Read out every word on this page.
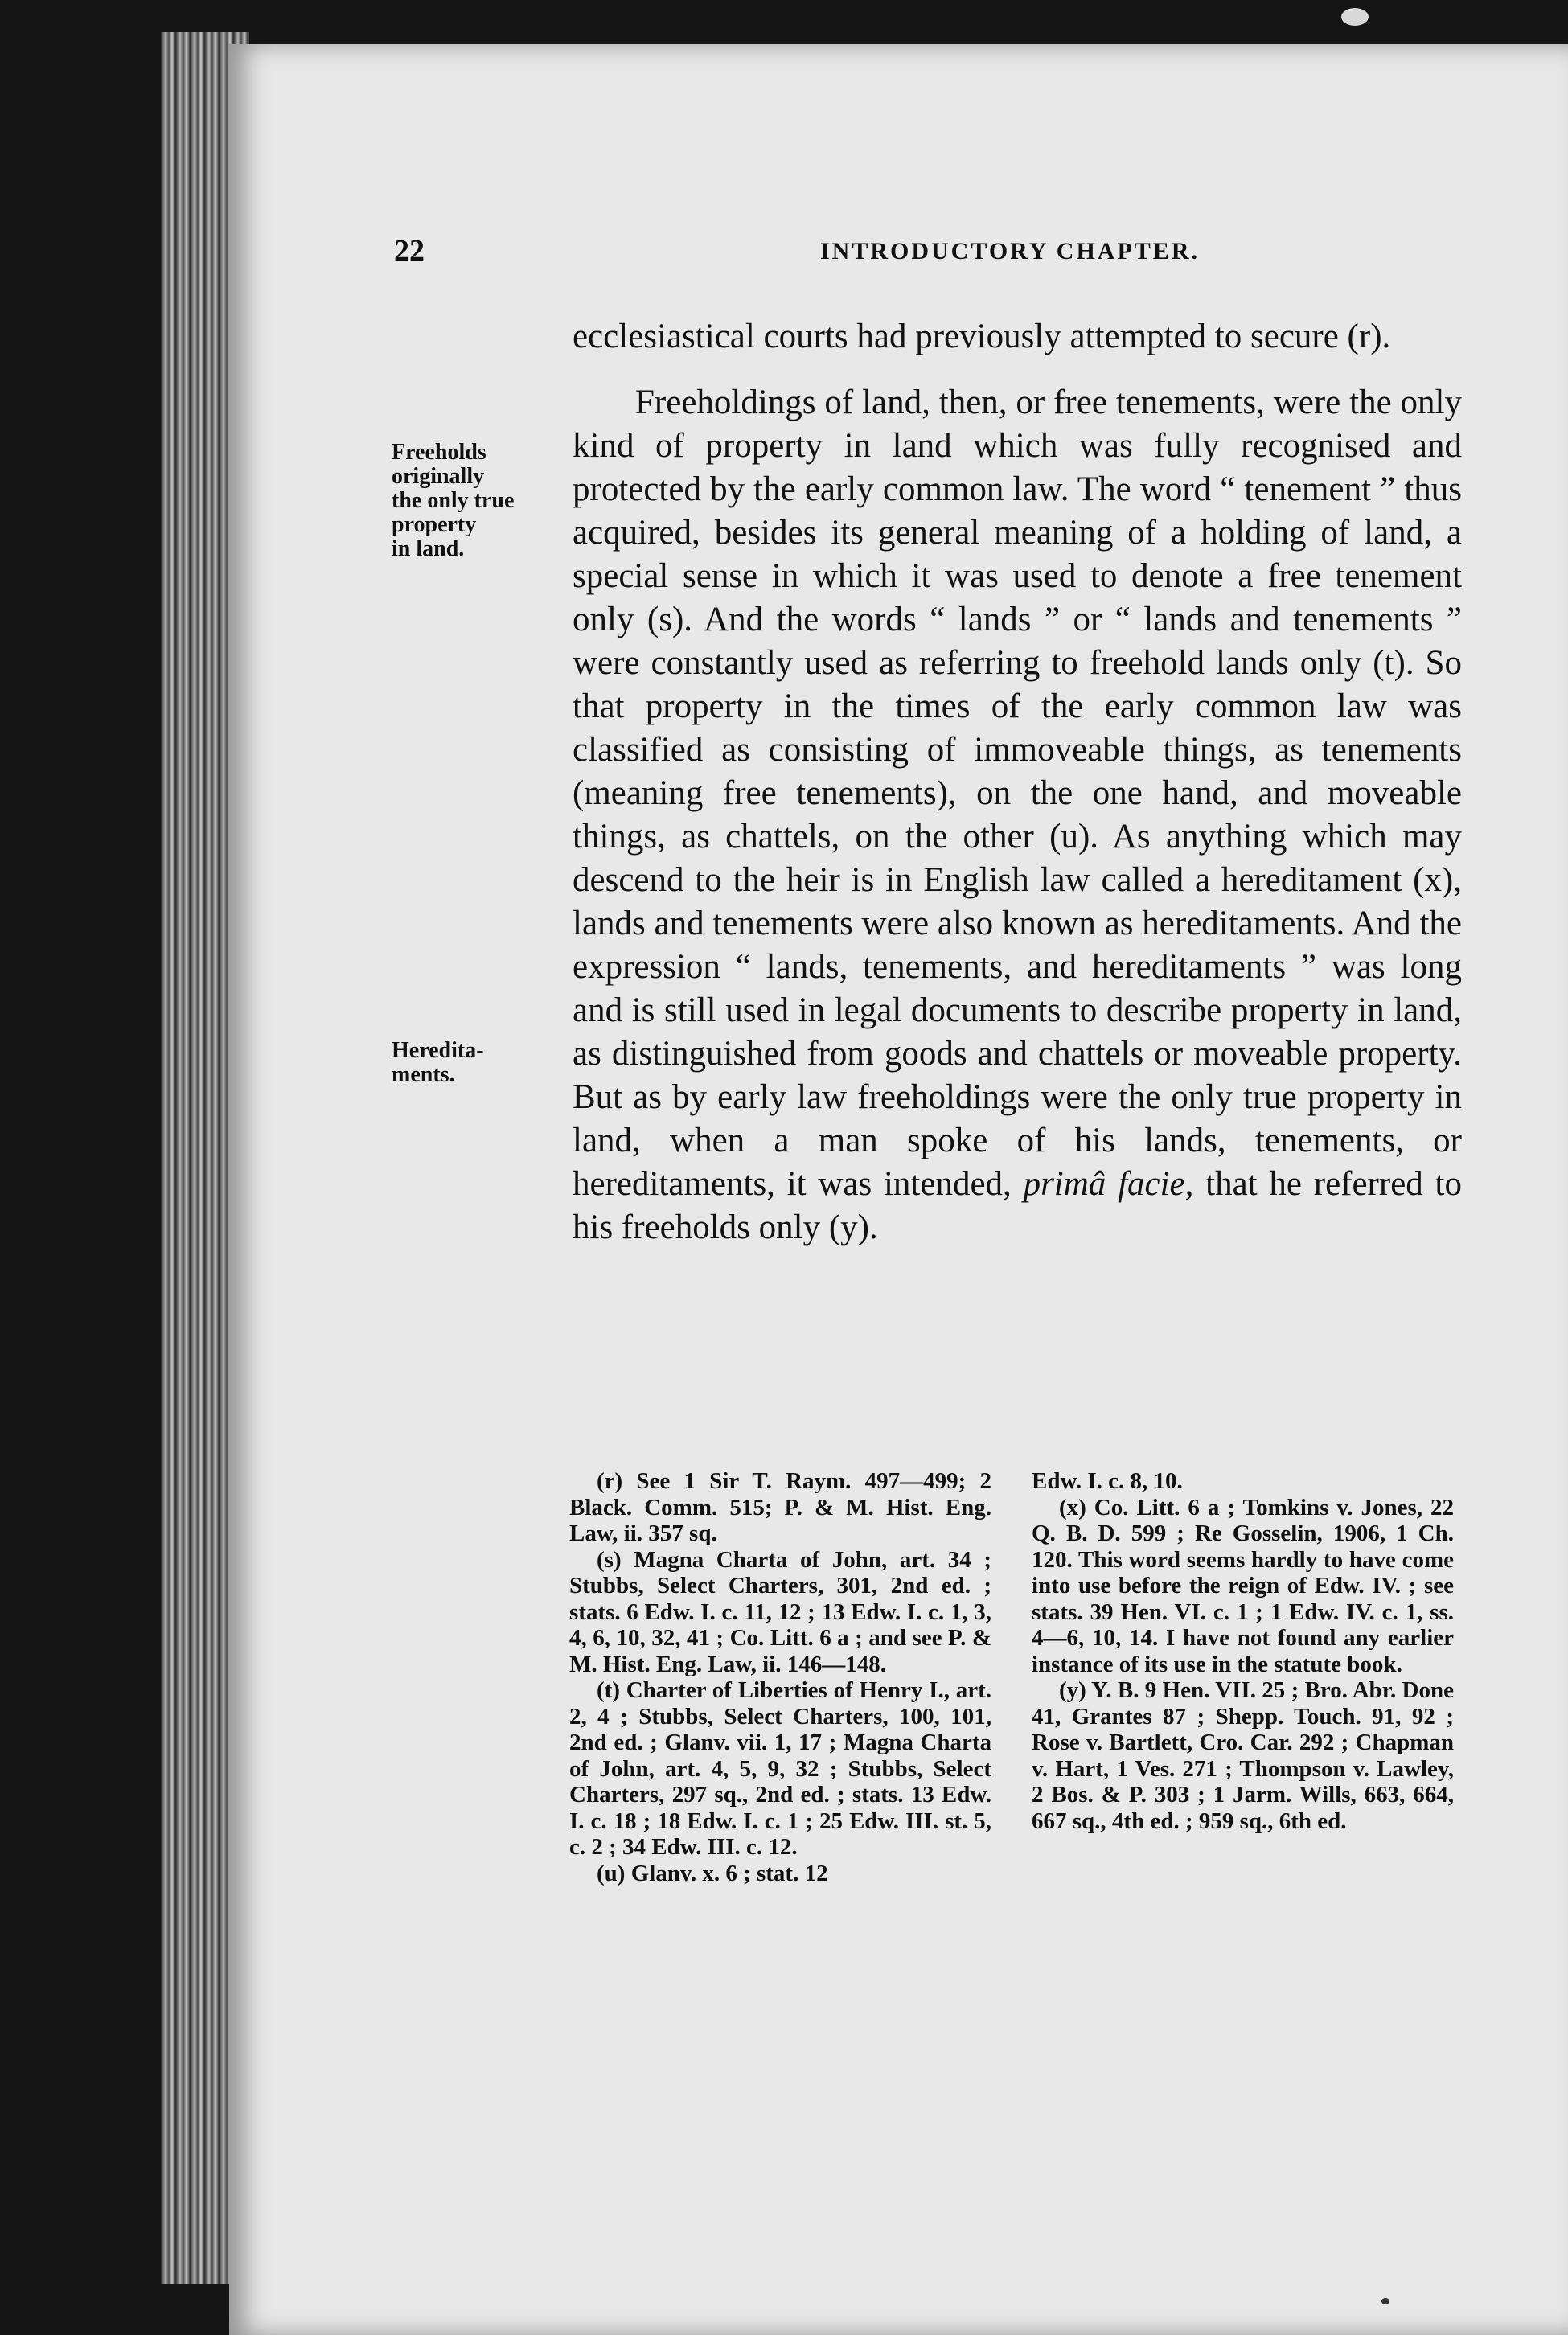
22	INTRODUCTORY CHAPTER.
Freeholds
originally
the only true
property
in land.
Heredita-
ments.

ecclesiastical courts had previously attempted to secure (r).

Freeholdings of land, then, or free tenements, were the only kind of property in land which was fully recognised and protected by the early common law. The word “ tenement ” thus acquired, besides its general meaning of a holding of land, a special sense in which it was used to denote a free tenement only (s). And the words “ lands ” or “ lands and tenements ” were constantly used as referring to freehold lands only (t). So that property in the times of the early common law was classified as consisting of immoveable things, as tenements (meaning free tenements), on the one hand, and moveable things, as chattels, on the other (u). As anything which may descend to the heir is in English law called a hereditament (x), lands and tenements were also known as hereditaments. And the expression “ lands, tenements, and hereditaments ” was long and is still used in legal documents to describe property in land, as distinguished from goods and chattels or moveable property. But as by early law freeholdings were the only true property in land, when a man spoke of his lands, tenements, or hereditaments, it was intended, primâ facie, that he referred to his freeholds only (y).

(r) See 1 Sir T. Raym. 497—499; 2 Black. Comm. 515; P. & M. Hist. Eng. Law, ii. 357 sq.

(s) Magna Charta of John, art. 34 ; Stubbs, Select Charters, 301, 2nd ed. ; stats. 6 Edw. I. c. 11, 12 ; 13 Edw. I. c. 1, 3, 4, 6, 10, 32, 41 ; Co. Litt. 6 a ; and see P. & M. Hist. Eng. Law, ii. 146—148.

(t) Charter of Liberties of Henry I., art. 2, 4 ; Stubbs, Select Charters, 100, 101, 2nd ed. ; Glanv. vii. 1, 17 ; Magna Charta of John, art. 4, 5, 9, 32 ; Stubbs, Select Charters, 297 sq., 2nd ed. ; stats. 13 Edw. I. c. 18 ; 18 Edw. I. c. 1 ; 25 Edw. III. st. 5, c. 2 ; 34 Edw. III. c. 12.

(u) Glanv. x. 6 ; stat. 12

Edw. I. c. 8, 10.

(x) Co. Litt. 6 a ; Tomkins v. Jones, 22 Q. B. D. 599 ; Re Gosselin, 1906, 1 Ch. 120. This word seems hardly to have come into use before the reign of Edw. IV. ; see stats. 39 Hen. VI. c. 1 ; 1 Edw. IV. c. 1, ss. 4—6, 10, 14. I have not found any earlier instance of its use in the statute book.

(y) Y. B. 9 Hen. VII. 25 ; Bro. Abr. Done 41, Grantes 87 ; Shepp. Touch. 91, 92 ; Rose v. Bartlett, Cro. Car. 292 ; Chapman v. Hart, 1 Ves. 271 ; Thompson v. Lawley, 2 Bos. & P. 303 ; 1 Jarm. Wills, 663, 664, 667 sq., 4th ed. ; 959 sq., 6th ed.
